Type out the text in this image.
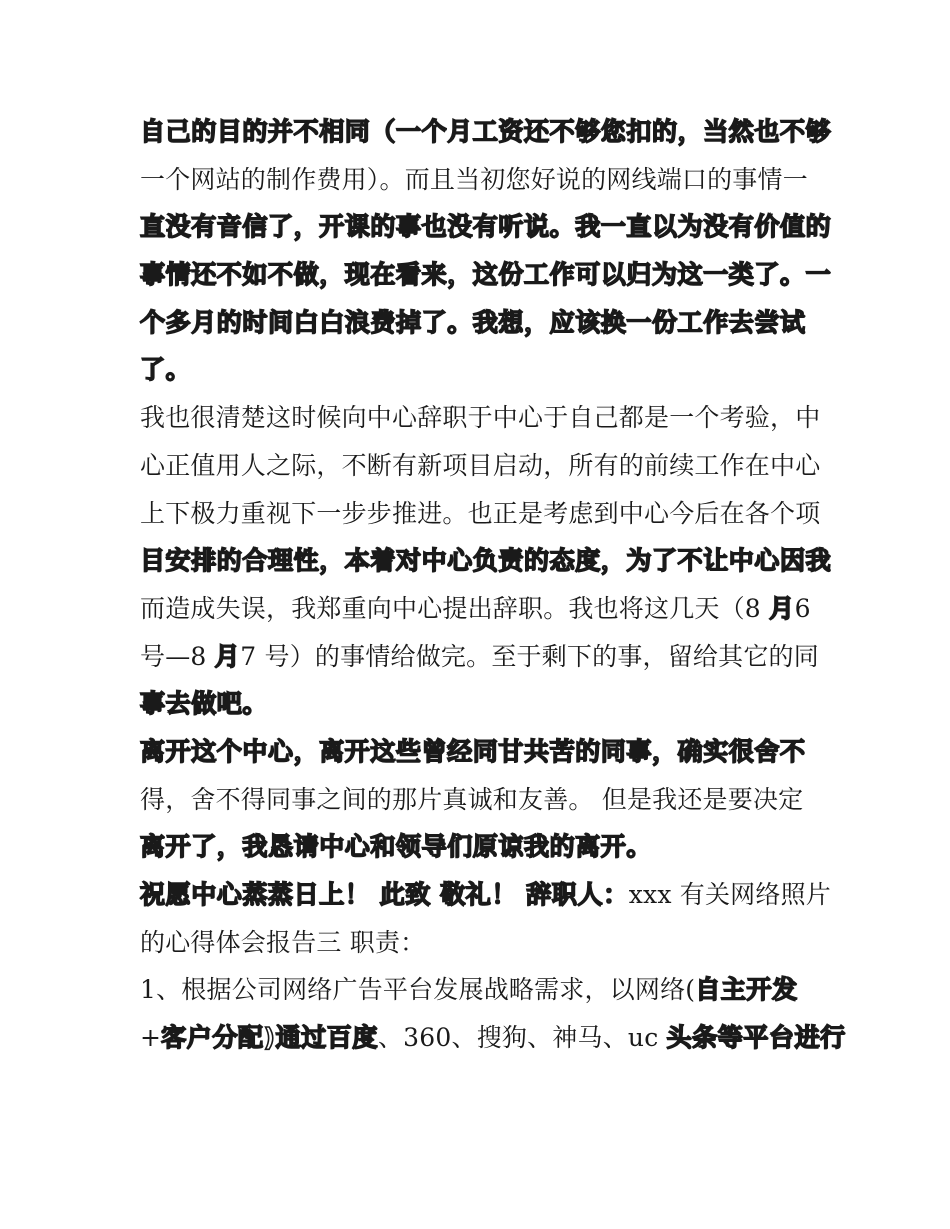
自己的目的并不相同（一个月工资还不够您扣的，当然也不够
一个网站的制作费用）。而且当初您好说的网线端口的事情一
直没有音信了，开课的事也没有听说。我一直以为没有价值的
事情还不如不做，现在看来，这份工作可以归为这一类了。一
个多月的时间白白浪费掉了。我想，应该换一份工作去尝试
了。
我也很清楚这时候向中心辞职于中心于自己都是一个考验，中
心正值用人之际，不断有新项目启动，所有的前续工作在中心
上下极力重视下一步步推进。也正是考虑到中心今后在各个项
目安排的合理性，本着对中心负责的态度，为了不让中心因我
而造成失误，我郑重向中心提出辞职。我也将这几天（8 月6
号—8 月7 号）的事情给做完。至于剩下的事，留给其它的同
事去做吧。
离开这个中心，离开这些曾经同甘共苦的同事，确实很舍不
得，舍不得同事之间的那片真诚和友善。 但是我还是要决定
离开了，我恳请中心和领导们原谅我的离开。
祝愿中心蒸蒸日上！ 此致 敬礼！ 辞职人：xxx 有关网络照片
的心得体会报告三 职责：
1、根据公司网络广告平台发展战略需求，以网络(自主开发
+客户分配)通过百度、360、搜狗、神马、uc 头条等平台进行
